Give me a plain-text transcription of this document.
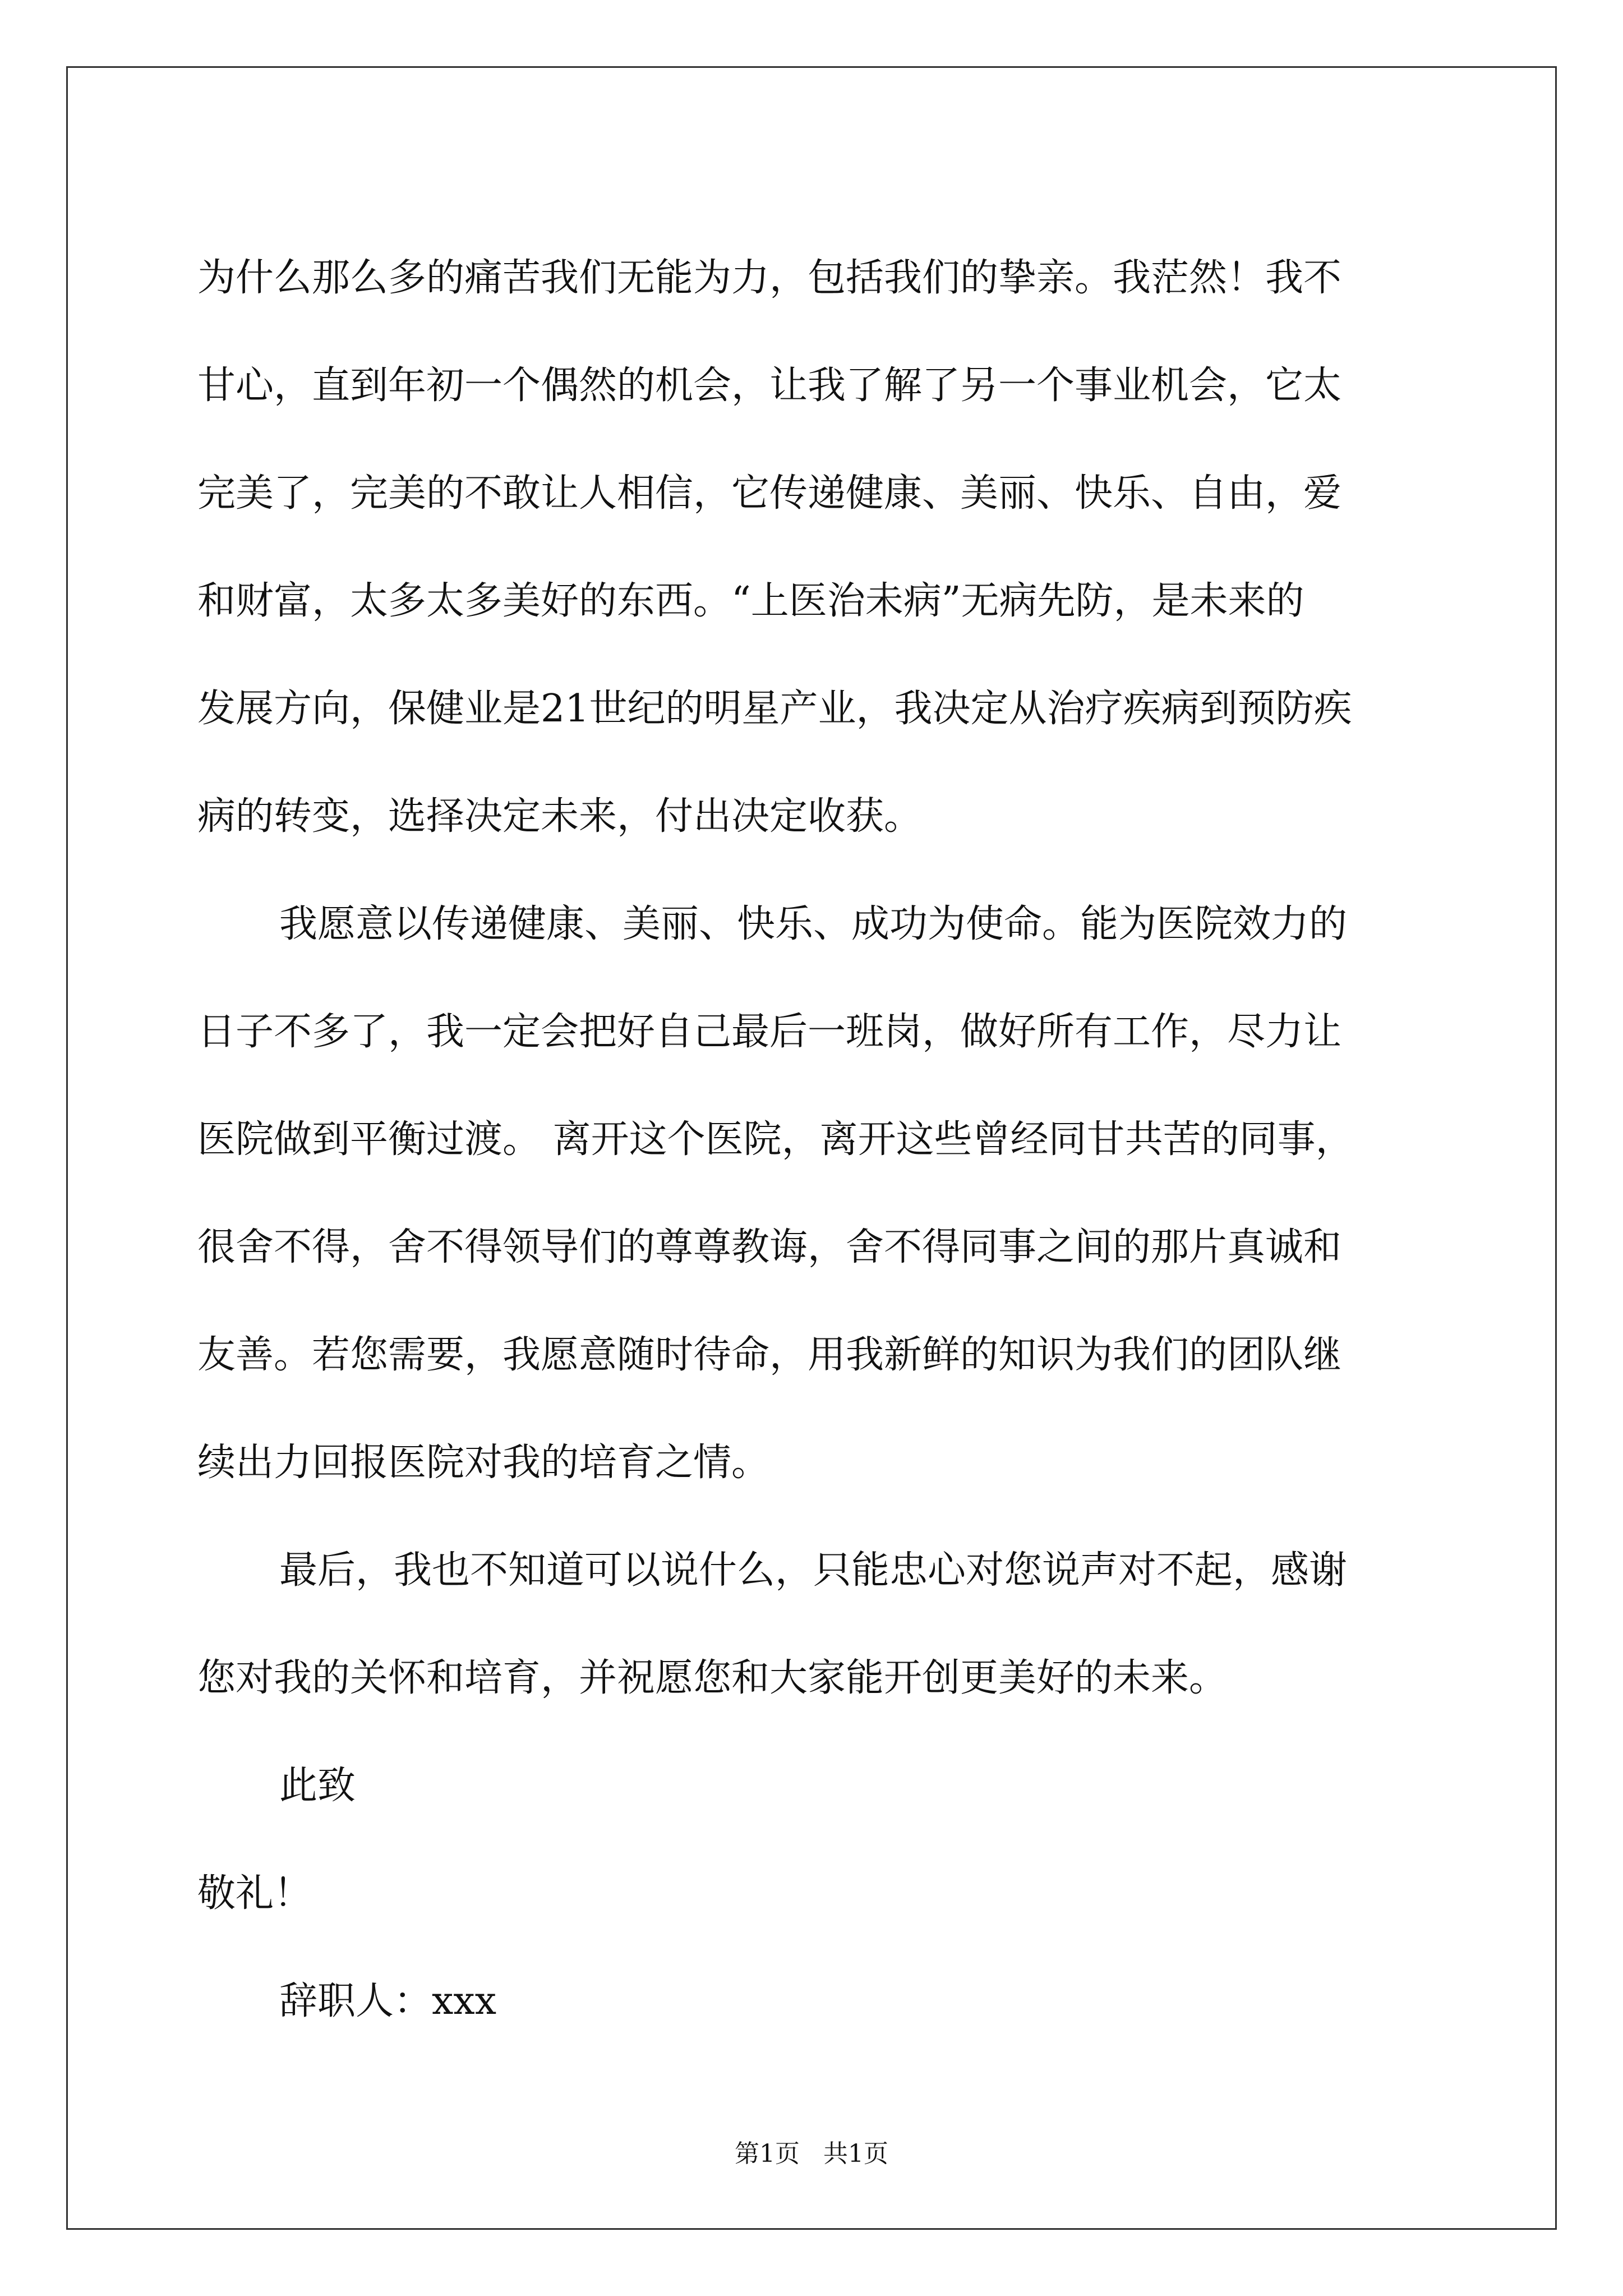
为什么那么多的痛苦我们无能为力，包括我们的挚亲。我茫然！我不
甘心，直到年初一个偶然的机会，让我了解了另一个事业机会，它太
完美了，完美的不敢让人相信，它传递健康、美丽、快乐、自由，爱
和财富，太多太多美好的东西。“上医治未病”无病先防，是未来的
发展方向，保健业是21世纪的明星产业，我决定从治疗疾病到预防疾
病的转变，选择决定未来，付出决定收获。
我愿意以传递健康、美丽、快乐、成功为使命。能为医院效力的
日子不多了，我一定会把好自己最后一班岗，做好所有工作，尽力让
医院做到平衡过渡。 离开这个医院，离开这些曾经同甘共苦的同事，
很舍不得，舍不得领导们的尊尊教诲，舍不得同事之间的那片真诚和
友善。若您需要，我愿意随时待命，用我新鲜的知识为我们的团队继
续出力回报医院对我的培育之情。
最后，我也不知道可以说什么，只能忠心对您说声对不起，感谢
您对我的关怀和培育，并祝愿您和大家能开创更美好的未来。
此致
敬礼！
辞职人：xxx
第1页 共1页
